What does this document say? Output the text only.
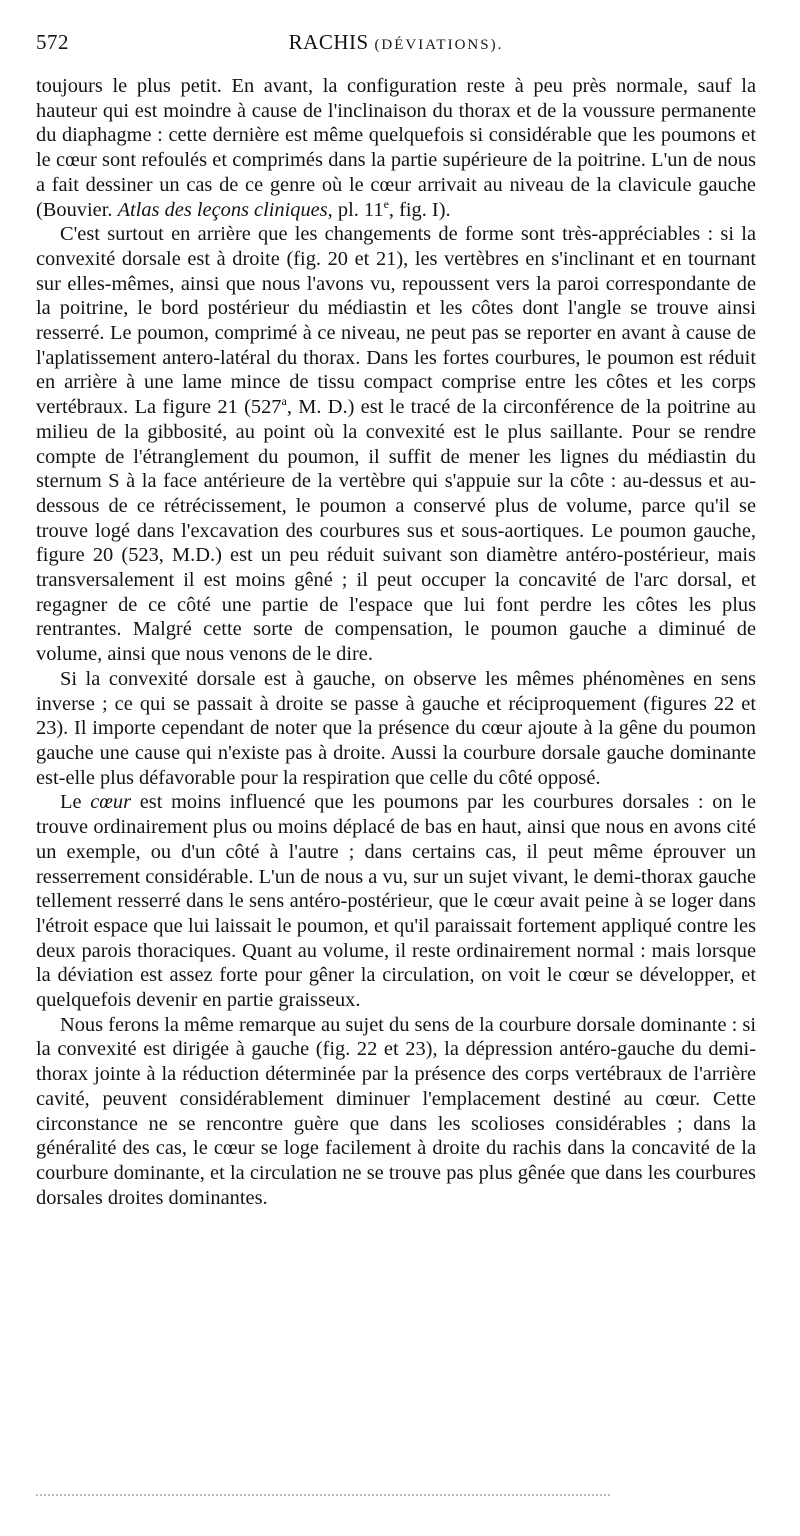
572	RACHIS (DÉVIATIONS).

toujours le plus petit. En avant, la configuration reste à peu près normale, sauf la hauteur qui est moindre à cause de l'inclinaison du thorax et de la voussure permanente du diaphagme : cette dernière est même quelquefois si considérable que les poumons et le cœur sont refoulés et comprimés dans la partie supérieure de la poitrine. L'un de nous a fait dessiner un cas de ce genre où le cœur arrivait au niveau de la clavicule gauche (Bouvier. Atlas des leçons cliniques, pl. 11e, fig. I).

C'est surtout en arrière que les changements de forme sont très-appréciables : si la convexité dorsale est à droite (fig. 20 et 21), les vertèbres en s'inclinant et en tournant sur elles-mêmes, ainsi que nous l'avons vu, repoussent vers la paroi correspondante de la poitrine, le bord postérieur du médiastin et les côtes dont l'angle se trouve ainsi resserré. Le poumon, comprimé à ce niveau, ne peut pas se reporter en avant à cause de l'aplatissement antero-latéral du thorax. Dans les fortes courbures, le poumon est réduit en arrière à une lame mince de tissu compact comprise entre les côtes et les corps vertébraux. La figure 21 (527$^a$, M. D.) est le tracé de la circonférence de la poitrine au milieu de la gibbosité, au point où la convexité est le plus saillante. Pour se rendre compte de l'étranglement du poumon, il suffit de mener les lignes du médiastin du sternum S à la face antérieure de la vertèbre qui s'appuie sur la côte : au-dessus et au-dessous de ce rétrécissement, le poumon a conservé plus de volume, parce qu'il se trouve logé dans l'excavation des courbures sus et sous-aortiques. Le poumon gauche, figure 20 (523, M.D.) est un peu réduit suivant son diamètre antéro-postérieur, mais transversalement il est moins gêné ; il peut occuper la concavité de l'arc dorsal, et regagner de ce côté une partie de l'espace que lui font perdre les côtes les plus rentrantes. Malgré cette sorte de compensation, le poumon gauche a diminué de volume, ainsi que nous venons de le dire.

Si la convexité dorsale est à gauche, on observe les mêmes phénomènes en sens inverse ; ce qui se passait à droite se passe à gauche et réciproquement (figures 22 et 23). Il importe cependant de noter que la présence du cœur ajoute à la gêne du poumon gauche une cause qui n'existe pas à droite. Aussi la courbure dorsale gauche dominante est-elle plus défavorable pour la respiration que celle du côté opposé.

Le cœur est moins influencé que les poumons par les courbures dorsales : on le trouve ordinairement plus ou moins déplacé de bas en haut, ainsi que nous en avons cité un exemple, ou d'un côté à l'autre ; dans certains cas, il peut même éprouver un resserrement considérable. L'un de nous a vu, sur un sujet vivant, le demi-thorax gauche tellement resserré dans le sens antéro-postérieur, que le cœur avait peine à se loger dans l'étroit espace que lui laissait le poumon, et qu'il paraissait fortement appliqué contre les deux parois thoraciques. Quant au volume, il reste ordinairement normal : mais lorsque la déviation est assez forte pour gêner la circulation, on voit le cœur se développer, et quelquefois devenir en partie graisseux.

Nous ferons la même remarque au sujet du sens de la courbure dorsale dominante : si la convexité est dirigée à gauche (fig. 22 et 23), la dépression antéro-gauche du demi-thorax jointe à la réduction déterminée par la présence des corps vertébraux de l'arrière cavité, peuvent considérablement diminuer l'emplacement destiné au cœur. Cette circonstance ne se rencontre guère que dans les scolioses considérables ; dans la généralité des cas, le cœur se loge facilement à droite du rachis dans la concavité de la courbure dominante, et la circulation ne se trouve pas plus gênée que dans les courbures dorsales droites dominantes.
